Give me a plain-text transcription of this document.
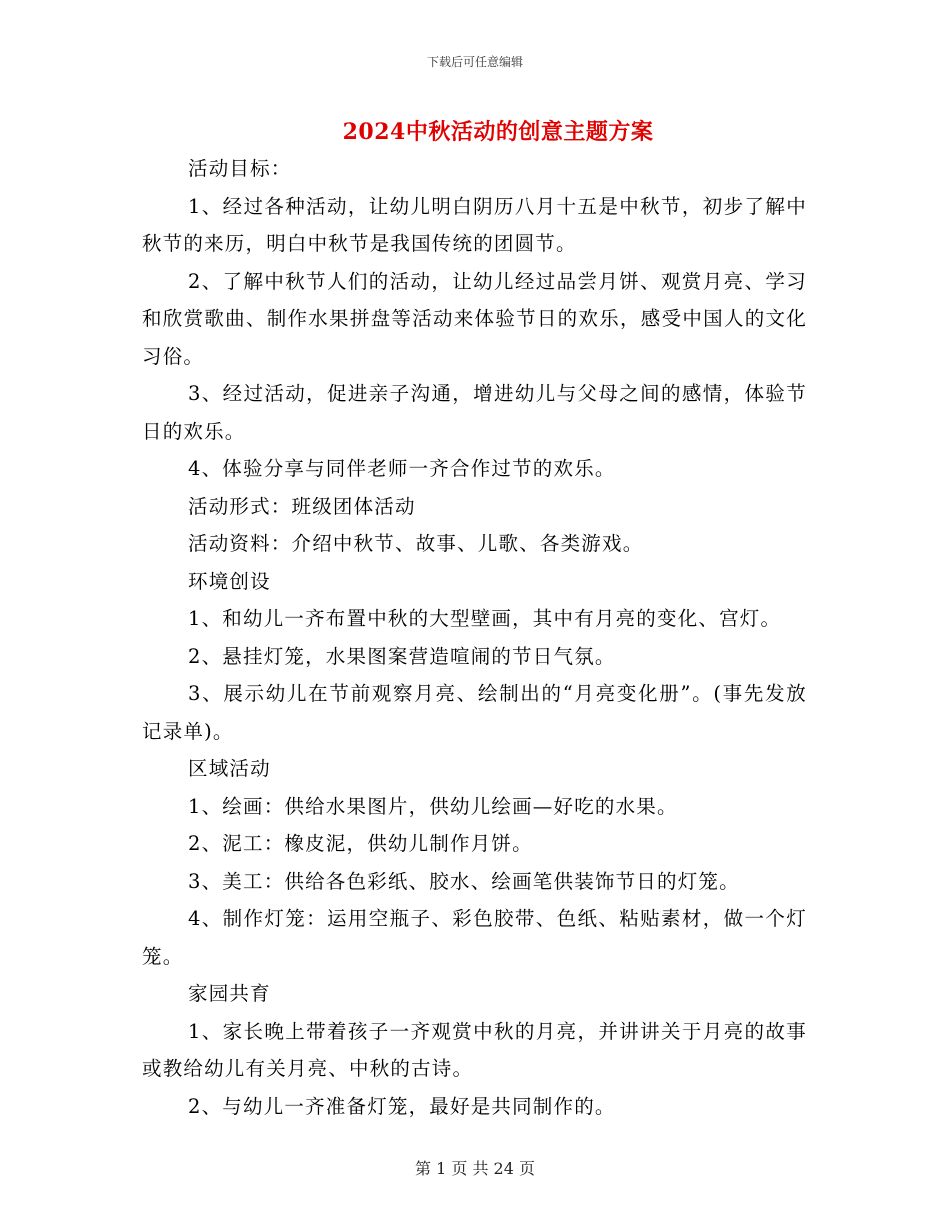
下载后可任意编辑
2024中秋活动的创意主题方案

活动目标：

1、经过各种活动，让幼儿明白阴历八月十五是中秋节，初步了解中秋节的来历，明白中秋节是我国传统的团圆节。

2、了解中秋节人们的活动，让幼儿经过品尝月饼、观赏月亮、学习和欣赏歌曲、制作水果拼盘等活动来体验节日的欢乐，感受中国人的文化习俗。

3、经过活动，促进亲子沟通，增进幼儿与父母之间的感情，体验节日的欢乐。

4、体验分享与同伴老师一齐合作过节的欢乐。

活动形式：班级团体活动

活动资料：介绍中秋节、故事、儿歌、各类游戏。

环境创设

1、和幼儿一齐布置中秋的大型壁画，其中有月亮的变化、宫灯。

2、悬挂灯笼，水果图案营造喧闹的节日气氛。

3、展示幼儿在节前观察月亮、绘制出的“月亮变化册”。(事先发放记录单)。

区域活动

1、绘画：供给水果图片，供幼儿绘画—好吃的水果。

2、泥工：橡皮泥，供幼儿制作月饼。

3、美工：供给各色彩纸、胶水、绘画笔供装饰节日的灯笼。

4、制作灯笼：运用空瓶子、彩色胶带、色纸、粘贴素材，做一个灯笼。

家园共育

1、家长晚上带着孩子一齐观赏中秋的月亮，并讲讲关于月亮的故事或教给幼儿有关月亮、中秋的古诗。

2、与幼儿一齐准备灯笼，最好是共同制作的。

第 1 页 共 24 页
